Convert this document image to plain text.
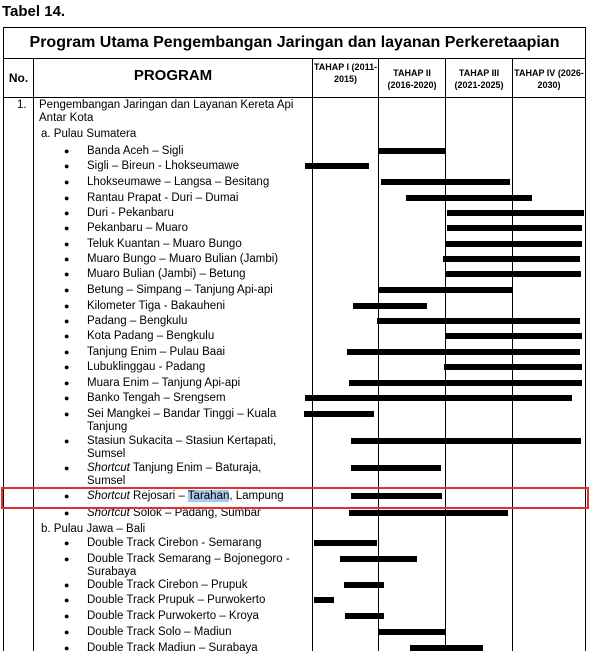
Tabel 14.
Program Utama Pengembangan Jaringan dan layanan Perkeretaapian
No.	PROGRAM	TAHAP I (2011-2015)
TAHAP II (2016-2020)
TAHAP III (2021-2025)
TAHAP IV (2026-2030)
1. Pengembangan Jaringan dan Layanan Kereta Api
Antar Kota
a. Pulau Sumatera
● Banda Aceh – Sigli
● Sigli – Bireun - Lhokseumawe
● Lhokseumawe – Langsa – Besitang
● Rantau Prapat - Duri – Dumai
● Duri - Pekanbaru
● Pekanbaru – Muaro
● Teluk Kuantan – Muaro Bungo
● Muaro Bungo – Muaro Bulian (Jambi)
● Muaro Bulian (Jambi) – Betung
● Betung – Simpang – Tanjung Api-api
● Kilometer Tiga - Bakauheni
● Padang – Bengkulu
● Kota Padang – Bengkulu
● Tanjung Enim – Pulau Baai
● Lubuklinggau - Padang
● Muara Enim – Tanjung Api-api
● Banko Tengah – Srengsem
● Sei Mangkei – Bandar Tinggi – Kuala
Tanjung
● Stasiun Sukacita – Stasiun Kertapati,
Sumsel
● Shortcut Tanjung Enim – Baturaja,
Sumsel
● Shortcut Rejosari – Tarahan, Lampung
● Shortcut Solok – Padang, Sumbar
b. Pulau Jawa – Bali
● Double Track Cirebon - Semarang
● Double Track Semarang – Bojonegoro -
Surabaya
● Double Track Cirebon – Prupuk
● Double Track Prupuk – Purwokerto
● Double Track Purwokerto – Kroya
● Double Track Solo – Madiun
● Double Track Madiun – Surabaya
